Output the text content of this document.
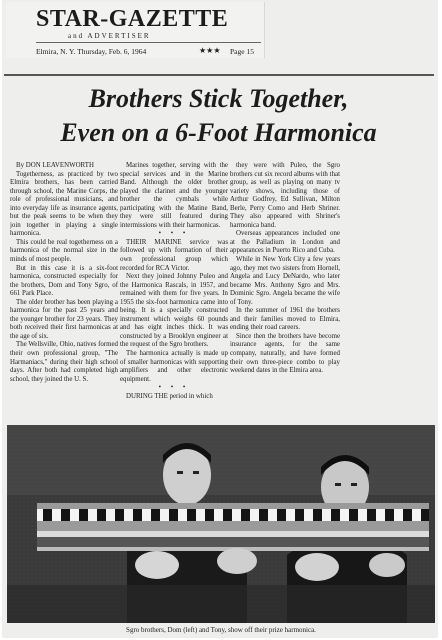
STAR-GAZETTE
and ADVERTISER
Elmira, N. Y. Thursday, Feb. 6, 1964	★★★ Page 15
Brothers Stick Together,
Even on a 6-Foot Harmonica
By DON LEAVENWORTH

Togetherness, as practiced by two Elmira brothers, has been carried through school, the Marine Corps, the role of professional musicians, and into everyday life as insurance agents, but the peak seems to be when they join together in playing a single harmonica.

This could be real togetherness on a harmonica of the normal size in the minds of most people.

But in this case it is a six-foot harmonica, constructed especially for the brothers, Dom and Tony Sgro, of 661 Park Place.

The older brother has been playing a harmonica for the past 25 years and the younger brother for 23 years. They both received their first harmonicas at the age of six.

The Wellsville, Ohio, natives formed their own professional group, "The Harmaniacs," during their high school days. After both had completed high school, they joined the U. S.

Marines together, serving with the special services and in the Marine Band. Although the older brother played the clarinet and the younger brother the cymbals while participating with the Matine Band, they were still featured during intermissions with their harmonicas.

• • •

THEIR MARINE service was followed up with formation of their own professional group which recorded for RCA Victor.

Next they joined Johnny Puleo and the Harmonica Rascals, in 1957, and remained with them for five years. In 1955 the six-foot harmonica came into being. It is a specially constructed instrument which weighs 60 pounds and has eight inches thick. It was constructed by a Brooklyn engineer at the request of the Sgro brothers.

The harmonica actually is made up of smaller harmonicas with supporting amplifiers and other electronic equipment.

• • •

DURING THE period in which

they were with Puleo, the Sgro brothers cut six record albums with that group, as well as playing on many tv variety shows, including those of Arthur Godfrey, Ed Sullivan, Milton Berle, Perry Como and Herb Shriner. They also appeared with Shriner's harmonica band.

Overseas appearances included one at the Palladium in London and appearances in Puerto Rico and Cuba.

While in New York City a few years ago, they met two sisters from Hornell, Angela and Lucy DeNardo, who later became Mrs. Anthony Sgro and Mrs. Dominic Sgro. Angela became the wife of Tony.

In the summer of 1961 the brothers and their families moved to Elmira, ending their road careers.

Since then the brothers have become insurance agents, for the same company, naturally, and have formed their own three-piece combo to play weekend dates in the Elmira area.

Sgro brothers, Dom (left) and Tony, show off their prize harmonica.
